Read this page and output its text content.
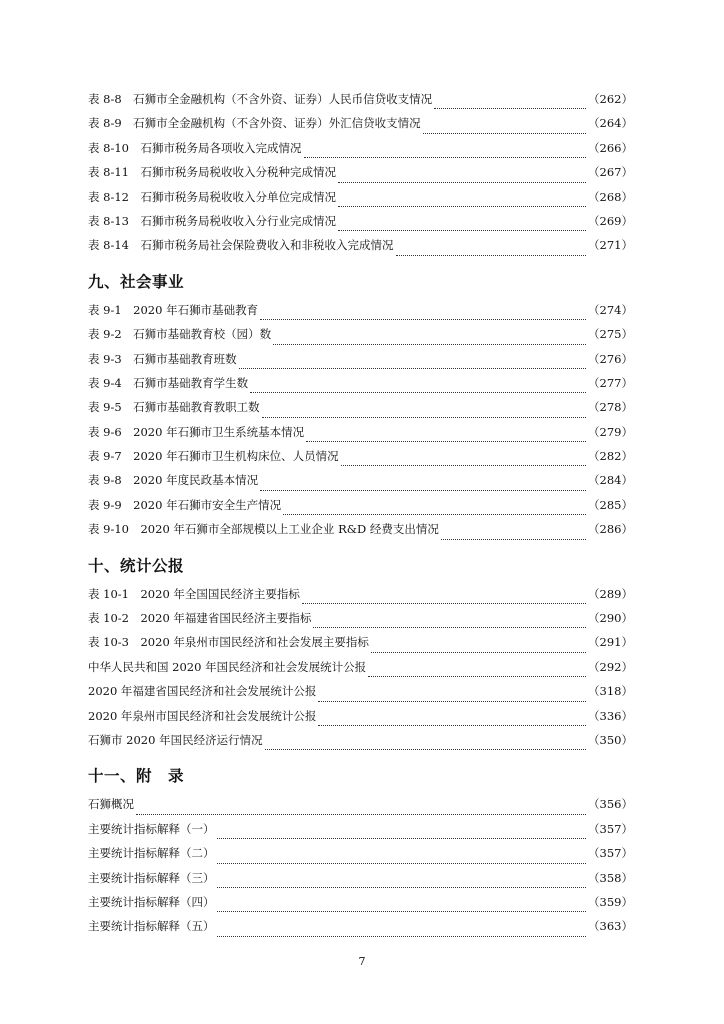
表 8-8　石狮市全金融机构（不含外资、证券）人民币信贷收支情况	（262）
表 8-9　石狮市全金融机构（不含外资、证券）外汇信贷收支情况	（264）
表 8-10　石狮市税务局各项收入完成情况	（266）
表 8-11　石狮市税务局税收收入分税种完成情况	（267）
表 8-12　石狮市税务局税收收入分单位完成情况	（268）
表 8-13　石狮市税务局税收收入分行业完成情况	（269）
表 8-14　石狮市税务局社会保险费收入和非税收入完成情况	（271）
九、社会事业
表 9-1　2020 年石狮市基础教育	（274）
表 9-2　石狮市基础教育校（园）数	（275）
表 9-3　石狮市基础教育班数	（276）
表 9-4　石狮市基础教育学生数	（277）
表 9-5　石狮市基础教育教职工数	（278）
表 9-6　2020 年石狮市卫生系统基本情况	（279）
表 9-7　2020 年石狮市卫生机构床位、人员情况	（282）
表 9-8　2020 年度民政基本情况	（284）
表 9-9　2020 年石狮市安全生产情况	（285）
表 9-10　2020 年石狮市全部规模以上工业企业 R&D 经费支出情况	（286）
十、统计公报
表 10-1　2020 年全国国民经济主要指标	（289）
表 10-2　2020 年福建省国民经济主要指标	（290）
表 10-3　2020 年泉州市国民经济和社会发展主要指标	（291）
中华人民共和国 2020 年国民经济和社会发展统计公报	（292）
2020 年福建省国民经济和社会发展统计公报	（318）
2020 年泉州市国民经济和社会发展统计公报	（336）
石狮市 2020 年国民经济运行情况	（350）
十一、附　录
石狮概况	（356）
主要统计指标解释（一）	（357）
主要统计指标解释（二）	（357）
主要统计指标解释（三）	（358）
主要统计指标解释（四）	（359）
主要统计指标解释（五）	（363）
7
